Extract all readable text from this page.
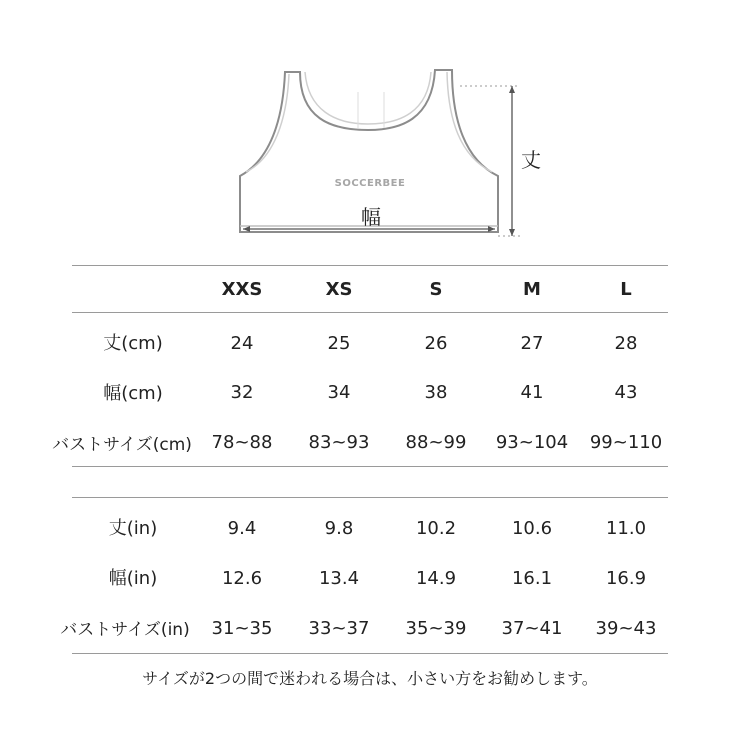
SOCCERBEE
丈
幅
XXS	XS	S	M	L
丈(cm)	24	25	26	27	28
幅(cm)	32	34	38	41	43
バストサイズ(cm)	78~88	83~93	88~99	93~104	99~110
丈(in)	9.4	9.8	10.2	10.6	11.0
幅(in)	12.6	13.4	14.9	16.1	16.9
バストサイズ(in)	31~35	33~37	35~39	37~41	39~43
サイズが2つの間で迷われる場合は、小さい方をお勧めします。
